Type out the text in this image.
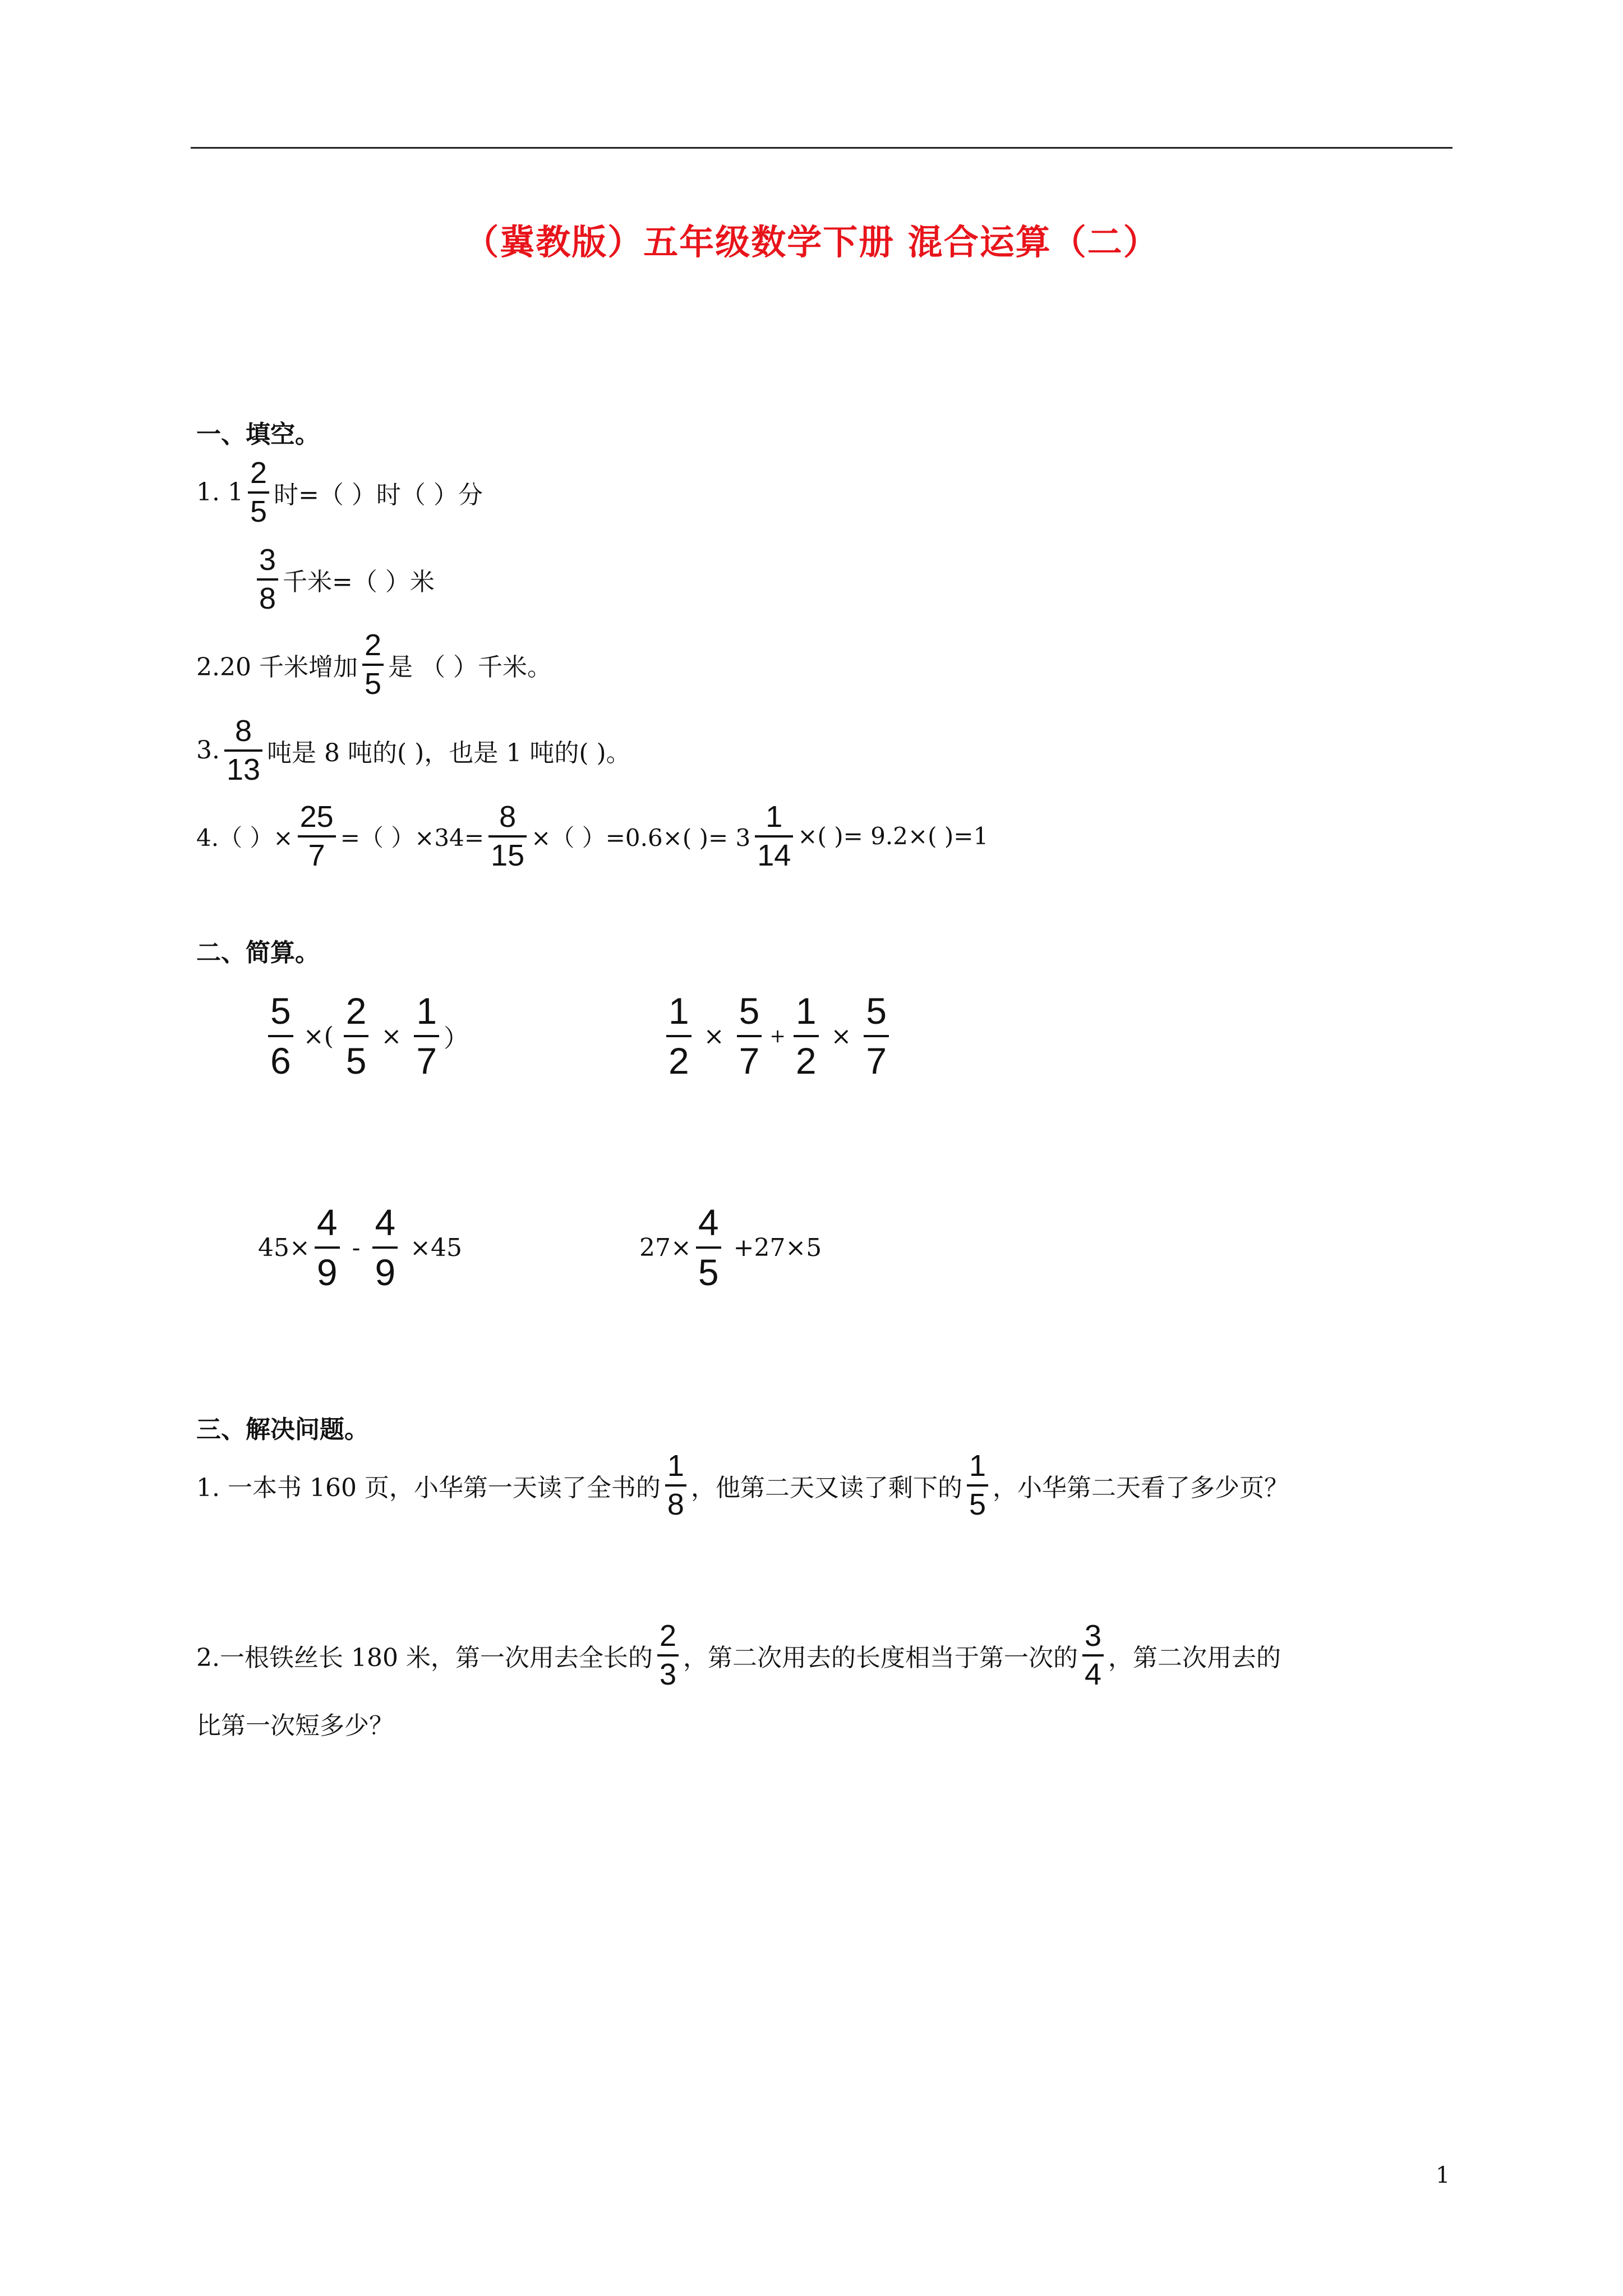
（冀教版）五年级数学下册 混合运算（二）
一、填空。
1. $1 \frac{2}{5}$ 时=（ ）时（ ）分
$\frac{3}{8}$ 千米=（ ）米
2.20 千米增加 $\frac{2}{5}$ 是 （ ）千米。
3. $\frac{8}{13}$ 吨是 8 吨的( )，也是 1 吨的( )。
4.（ ）× $\frac{25}{7}$ =（ ）$\times 34= \frac{8}{15}$ ×（ ）=0.6×( )= $3 \frac{1}{14}$ ×( )= 9.2×( )=1
二、简算。
$\frac{5}{6}$ ×( $\frac{2}{5} \times \frac{1}{7}$ ）	$\frac{1}{2} \times \frac{5}{7} + \frac{1}{2} \times \frac{5}{7}$
$45\times \frac{4}{9} - \frac{4}{9} \times 45$	$27\times \frac{4}{5} +27\times 5$
三、解决问题。
1. 一本书 160 页，小华第一天读了全书的 $\frac{1}{8}$ ，他第二天又读了剩下的 $\frac{1}{5}$ ，小华第二天看了多少页？
2.一根铁丝长 180 米，第一次用去全长的 $\frac{2}{3}$ ，第二次用去的长度相当于第一次的 $\frac{3}{4}$ ，第二次用去的
比第一次短多少？
1
